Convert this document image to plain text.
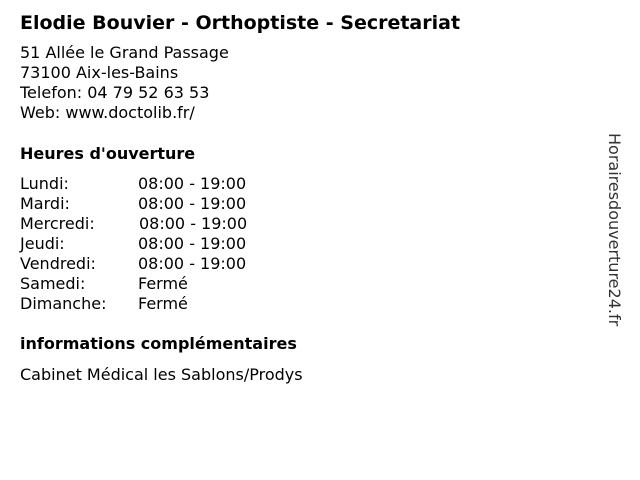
Elodie Bouvier - Orthoptiste - Secretariat
51 Allée le Grand Passage
73100 Aix-les-Bains
Telefon: 04 79 52 63 53
Web: www.doctolib.fr/
Heures d'ouverture
Lundi:	08:00 - 19:00
Mardi:	08:00 - 19:00
Mercredi:	08:00 - 19:00
Jeudi:	08:00 - 19:00
Vendredi:	08:00 - 19:00
Samedi:	Fermé
Dimanche: Fermé
informations complémentaires
Cabinet Médical les Sablons/Prodys
Horairesdouverture24.fr
